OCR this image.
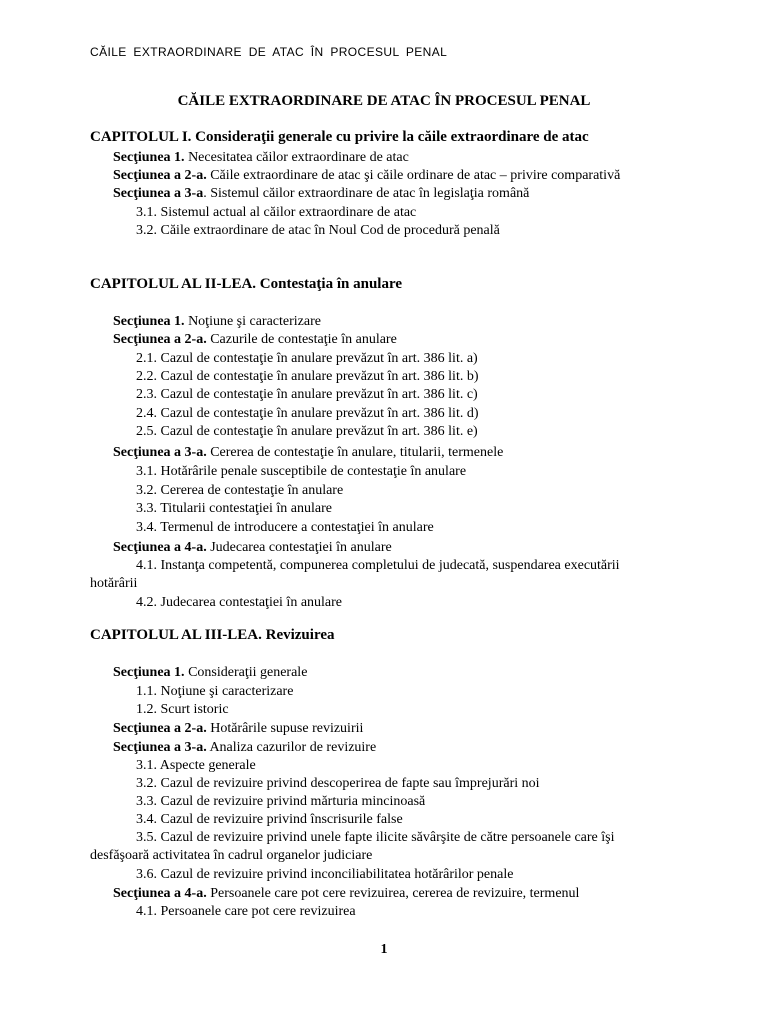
CĂILE EXTRAORDINARE DE ATAC ÎN PROCESUL PENAL
CĂILE EXTRAORDINARE DE ATAC ÎN PROCESUL PENAL
CAPITOLUL I. Consideraţii generale cu privire la căile extraordinare de atac
Secţiunea 1. Necesitatea căilor extraordinare de atac
Secţiunea a 2-a. Căile extraordinare de atac şi căile ordinare de atac – privire comparativă
Secţiunea a 3-a. Sistemul căilor extraordinare de atac în legislaţia română
3.1. Sistemul actual al căilor extraordinare de atac
3.2. Căile extraordinare de atac în Noul Cod de procedură penală
CAPITOLUL AL II-LEA. Contestaţia în anulare
Secţiunea 1. Noţiune şi caracterizare
Secţiunea a 2-a. Cazurile de contestaţie în anulare
2.1. Cazul de contestaţie în anulare prevăzut în art. 386 lit. a)
2.2. Cazul de contestaţie în anulare prevăzut în art. 386 lit. b)
2.3. Cazul de contestaţie în anulare prevăzut în art. 386 lit. c)
2.4. Cazul de contestaţie în anulare prevăzut în art. 386 lit. d)
2.5. Cazul de contestaţie în anulare prevăzut în art. 386 lit. e)
Secţiunea a 3-a. Cererea de contestaţie în anulare, titularii, termenele
3.1. Hotărârile penale susceptibile de contestaţie în anulare
3.2. Cererea de contestaţie în anulare
3.3. Titularii contestaţiei în anulare
3.4. Termenul de introducere a contestaţiei în anulare
Secţiunea a 4-a. Judecarea contestaţiei în anulare
4.1. Instanţa competentă, compunerea completului de judecată, suspendarea executării hotărârii
4.2. Judecarea contestaţiei în anulare
CAPITOLUL AL III-LEA. Revizuirea
Secţiunea 1. Consideraţii generale
1.1. Noţiune şi caracterizare
1.2. Scurt istoric
Secţiunea a 2-a. Hotărârile supuse revizuirii
Secţiunea a 3-a. Analiza cazurilor de revizuire
3.1. Aspecte generale
3.2. Cazul de revizuire privind descoperirea de fapte sau împrejurări noi
3.3. Cazul de revizuire privind mărturia mincinoasă
3.4. Cazul de revizuire privind înscrisurile false
3.5. Cazul de revizuire privind unele fapte ilicite săvârşite de către persoanele care îşi desfăşoară activitatea în cadrul organelor judiciare
3.6. Cazul de revizuire privind inconciliabilitatea hotărârilor penale
Secţiunea a 4-a. Persoanele care pot cere revizuirea, cererea de revizuire, termenul
4.1. Persoanele care pot cere revizuirea
1
